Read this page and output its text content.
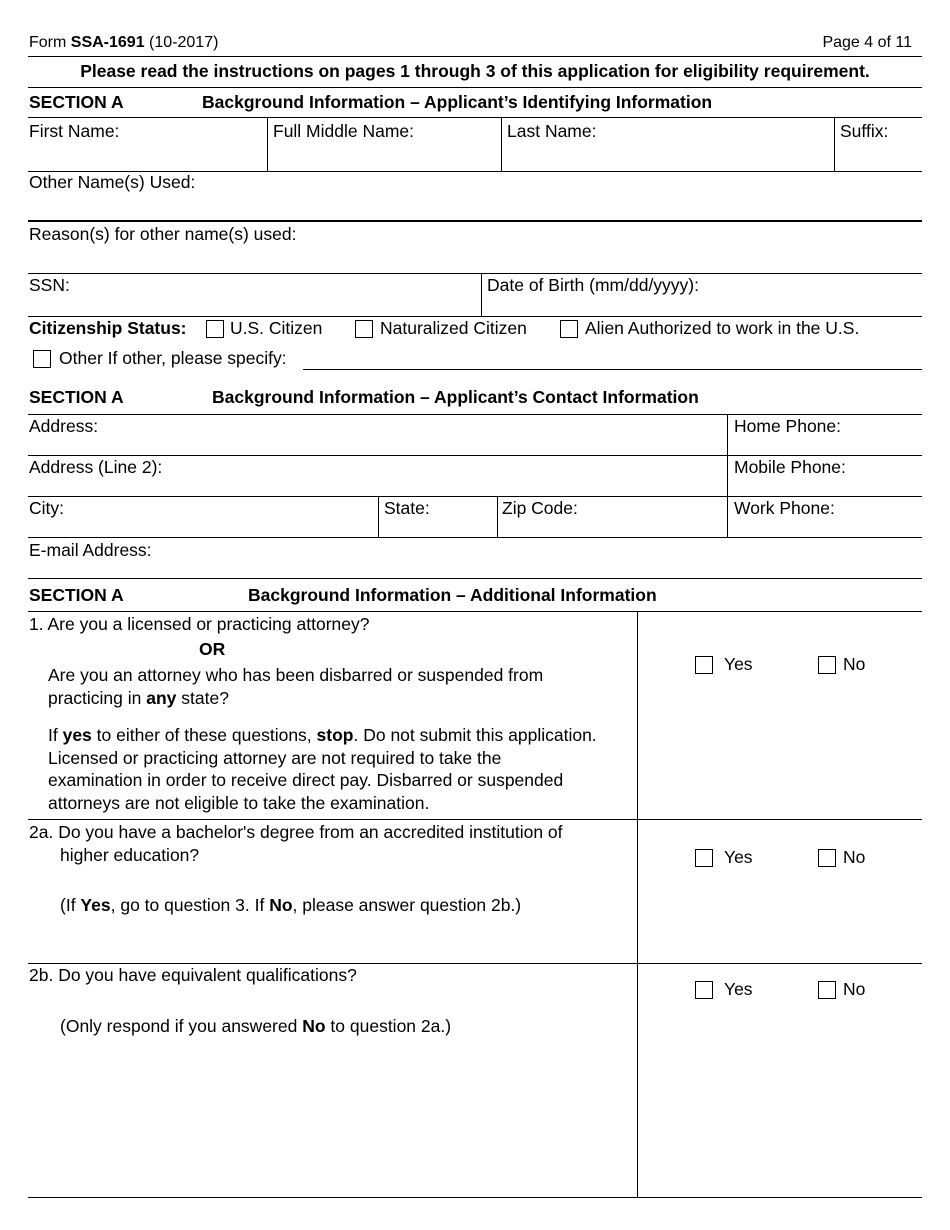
Form SSA-1691 (10-2017)	Page 4 of 11
Please read the instructions on pages 1 through 3 of this application for eligibility requirement.
SECTION A	Background Information – Applicant’s Identifying Information
First Name:	Full Middle Name:	Last Name:	Suffix:
Other Name(s) Used:
Reason(s) for other name(s) used:
SSN:	Date of Birth (mm/dd/yyyy):
Citizenship Status: U.S. Citizen	Naturalized Citizen	Alien Authorized to work in the U.S.
Other If other, please specify:
SECTION A	Background Information – Applicant’s Contact Information
Address:	Home Phone:
Address (Line 2):	Mobile Phone:
City:	State:	Zip Code:	Work Phone:
E-mail Address:
SECTION A	Background Information – Additional Information
1. Are you a licensed or practicing attorney?
OR
Are you an attorney who has been disbarred or suspended from
practicing in any state?
If yes to either of these questions, stop. Do not submit this application.
Licensed or practicing attorney are not required to take the
examination in order to receive direct pay. Disbarred or suspended
attorneys are not eligible to take the examination.
Yes	No
2a. Do you have a bachelor's degree from an accredited institution of
higher education?
(If Yes, go to question 3. If No, please answer question 2b.)
Yes	No
2b. Do you have equivalent qualifications?
(Only respond if you answered No to question 2a.)
Yes	No
